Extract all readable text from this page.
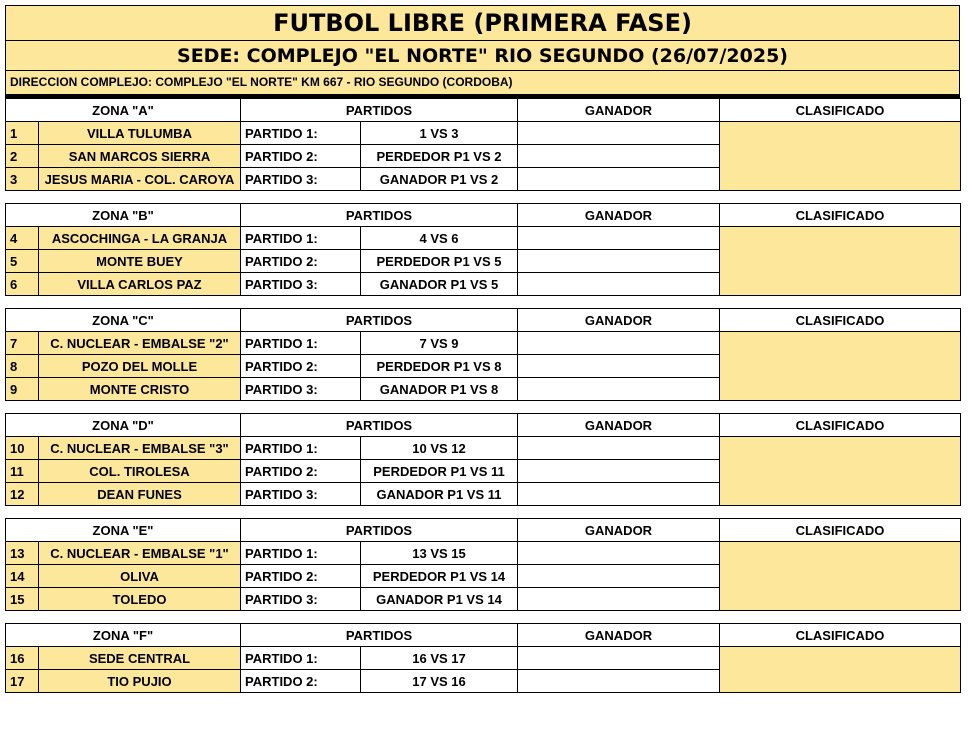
FUTBOL LIBRE (PRIMERA FASE)
SEDE: COMPLEJO "EL NORTE" RIO SEGUNDO (26/07/2025)
DIRECCION COMPLEJO: COMPLEJO "EL NORTE" KM 667 - RIO SEGUNDO (CORDOBA)
ZONA "A"		PARTIDOS		GANADOR	CLASIFICADO
1	VILLA TULUMBA	PARTIDO 1:	1 VS 3		
2	SAN MARCOS SIERRA	PARTIDO 2:	PERDEDOR P1 VS 2		
3	JESUS MARIA - COL. CAROYA	PARTIDO 3:	GANADOR P1 VS 2		
ZONA "B"		PARTIDOS		GANADOR	CLASIFICADO
4	ASCOCHINGA - LA GRANJA	PARTIDO 1:	4 VS 6		
5	MONTE BUEY	PARTIDO 2:	PERDEDOR P1 VS 5		
6	VILLA CARLOS PAZ	PARTIDO 3:	GANADOR P1 VS 5		
ZONA "C"		PARTIDOS		GANADOR	CLASIFICADO
7	C. NUCLEAR - EMBALSE "2"	PARTIDO 1:	7 VS 9		
8	POZO DEL MOLLE	PARTIDO 2:	PERDEDOR P1 VS 8		
9	MONTE CRISTO	PARTIDO 3:	GANADOR P1 VS 8		
ZONA "D"		PARTIDOS		GANADOR	CLASIFICADO
10	C. NUCLEAR - EMBALSE "3"	PARTIDO 1:	10 VS 12		
11	COL. TIROLESA	PARTIDO 2:	PERDEDOR P1 VS 11		
12	DEAN FUNES	PARTIDO 3:	GANADOR P1 VS 11		
ZONA "E"		PARTIDOS		GANADOR	CLASIFICADO
13	C. NUCLEAR - EMBALSE "1"	PARTIDO 1:	13 VS 15		
14	OLIVA	PARTIDO 2:	PERDEDOR P1 VS 14		
15	TOLEDO	PARTIDO 3:	GANADOR P1 VS 14		
ZONA "F"		PARTIDOS		GANADOR	CLASIFICADO
16	SEDE CENTRAL	PARTIDO 1:	16 VS 17		
17	TIO PUJIO	PARTIDO 2:	17 VS 16		
